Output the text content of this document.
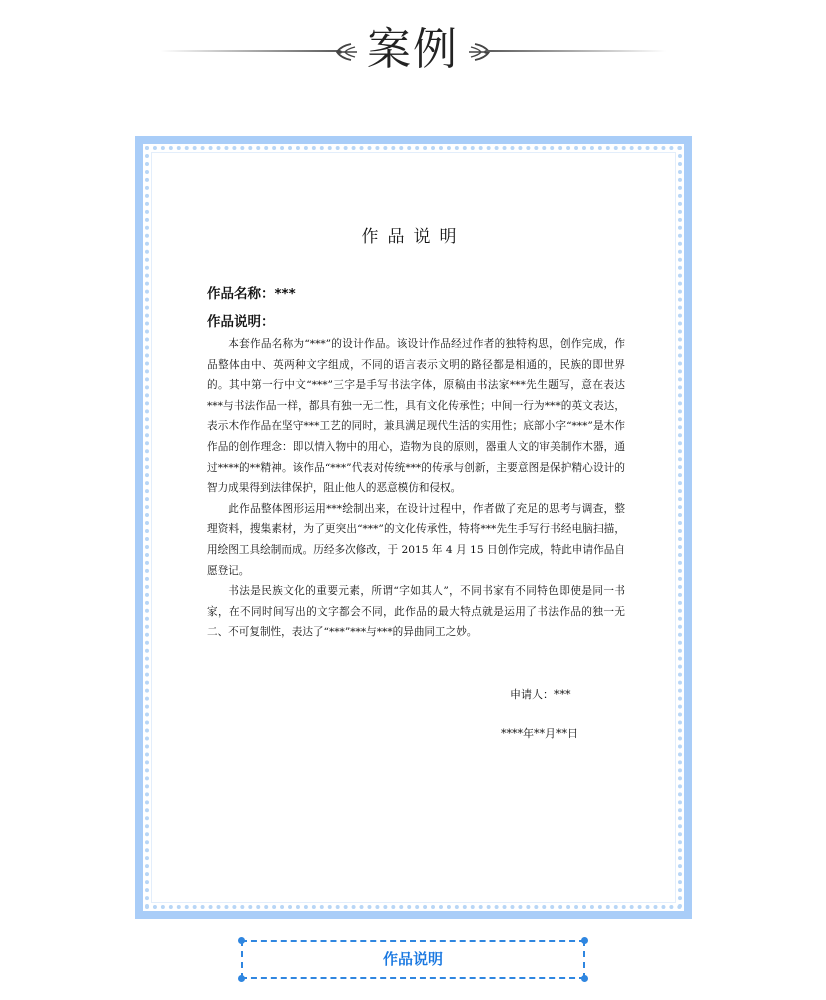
案例
作品说明
作品名称：***
作品说明：

本套作品名称为“***”的设计作品。该设计作品经过作者的独特构思，创作完成，作品整体由中、英两种文字组成，不同的语言表示文明的路径都是相通的，民族的即世界的。其中第一行中文“***”三字是手写书法字体，原稿由书法家***先生题写，意在表达***与书法作品一样，都具有独一无二性，具有文化传承性；中间一行为***的英文表达，表示木作作品在坚守***工艺的同时，兼具满足现代生活的实用性；底部小字“***”是木作作品的创作理念：即以情入物中的用心，造物为良的原则，器重人文的审美制作木器，通过****的**精神。该作品“***”代表对传统***的传承与创新，主要意图是保护精心设计的智力成果得到法律保护，阻止他人的恶意模仿和侵权。

此作品整体图形运用***绘制出来，在设计过程中，作者做了充足的思考与调查，整理资料，搜集素材，为了更突出“***”的文化传承性，特将***先生手写行书经电脑扫描，用绘图工具绘制而成。历经多次修改，于 2015 年 4 月 15 日创作完成，特此申请作品自愿登记。

书法是民族文化的重要元素，所谓“字如其人”，不同书家有不同特色即使是同一书家，在不同时间写出的文字都会不同，此作品的最大特点就是运用了书法作品的独一无二、不可复制性，表达了“***”***与***的异曲同工之妙。

申请人：***
****年**月**日
作品说明
